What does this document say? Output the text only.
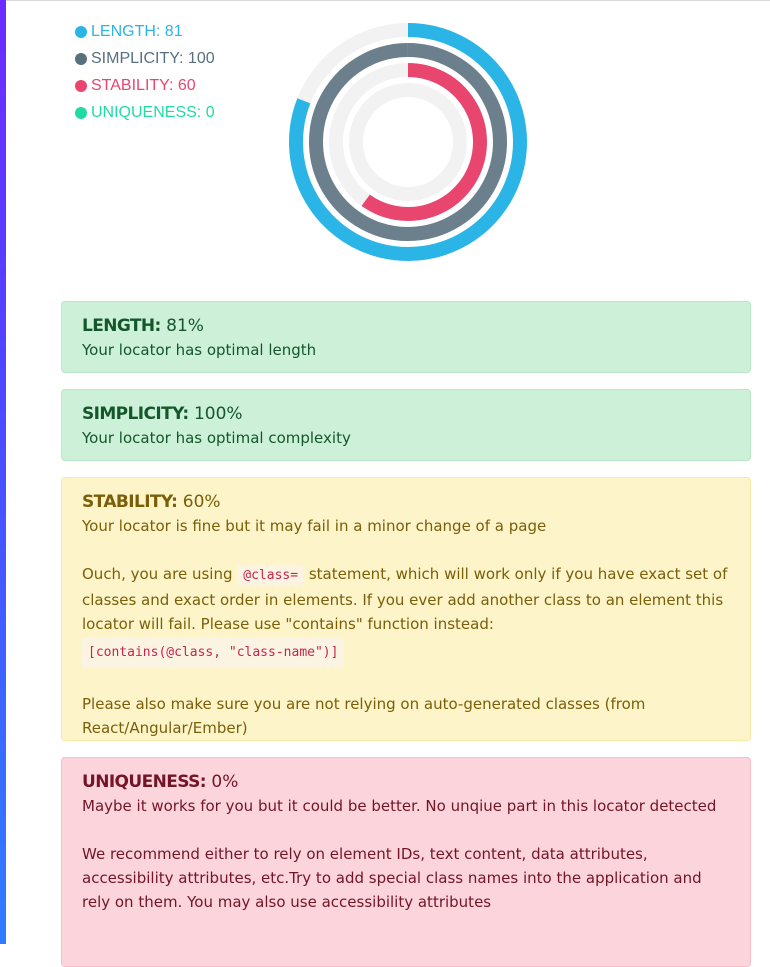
LENGTH: 81
SIMPLICITY: 100
STABILITY: 60
UNIQUENESS: 0
LENGTH: 81%
Your locator has optimal length
SIMPLICITY: 100%
Your locator has optimal complexity
STABILITY: 60%
Your locator is fine but it may fail in a minor change of a page

Ouch, you are using @class= statement, which will work only if you have exact set of classes and exact order in elements. If you ever add another class to an element this locator will fail. Please use "contains" function instead:
[contains(@class, "class-name")]

Please also make sure you are not relying on auto-generated classes (from React/Angular/Ember)

UNIQUENESS: 0%
Maybe it works for you but it could be better. No unqiue part in this locator detected

We recommend either to rely on element IDs, text content, data attributes, accessibility attributes, etc.Try to add special class names into the application and rely on them. You may also use accessibility attributes
